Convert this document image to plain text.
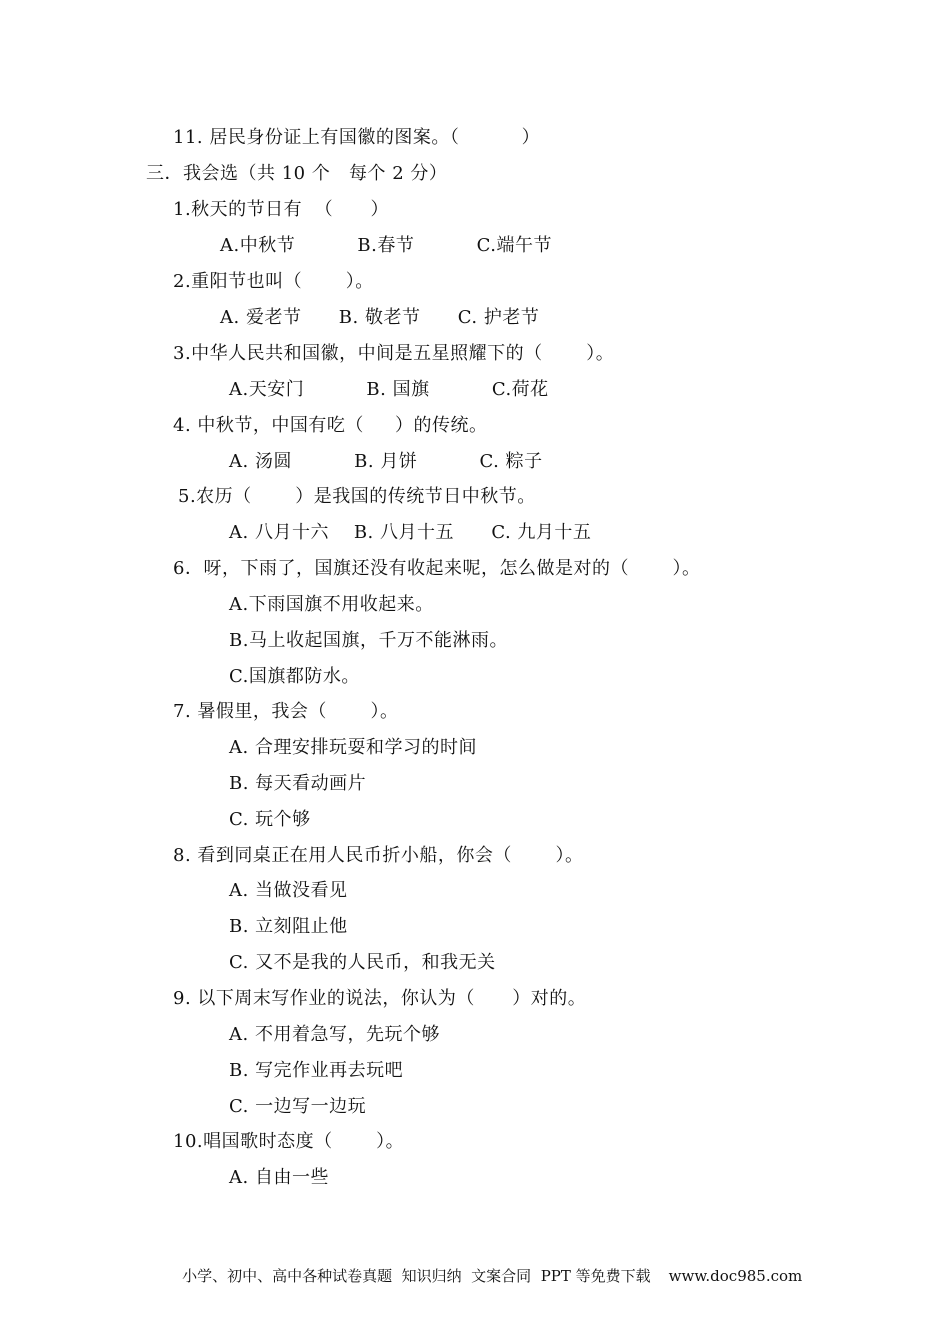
11. 居民身份证上有国徽的图案。（          ）
三．我会选（共 10 个   每个 2 分）
1.秋天的节日有  （      ）
A.中秋节          B.春节          C.端午节
2.重阳节也叫（       ）。
A. 爱老节      B. 敬老节      C. 护老节
3.中华人民共和国徽，中间是五星照耀下的（       ）。
A.天安门          B. 国旗          C.荷花
4. 中秋节，中国有吃（     ）的传统。
A. 汤圆          B. 月饼          C. 粽子
5.农历（       ）是我国的传统节日中秋节。
A. 八月十六    B. 八月十五      C. 九月十五
6．呀，下雨了，国旗还没有收起来呢，怎么做是对的（       ）。
A.下雨国旗不用收起来。
B.马上收起国旗，千万不能淋雨。
C.国旗都防水。
7. 暑假里，我会（       ）。
A. 合理安排玩耍和学习的时间
B. 每天看动画片
C. 玩个够
8. 看到同桌正在用人民币折小船，你会（       ）。
A. 当做没看见
B. 立刻阻止他
C. 又不是我的人民币，和我无关
9. 以下周末写作业的说法，你认为（      ）对的。
A. 不用着急写，先玩个够
B. 写完作业再去玩吧
C. 一边写一边玩
10.唱国歌时态度（       ）。
A. 自由一些

小学、初中、高中各种试卷真题  知识归纳  文案合同  PPT 等免费下载 www.doc985.com
